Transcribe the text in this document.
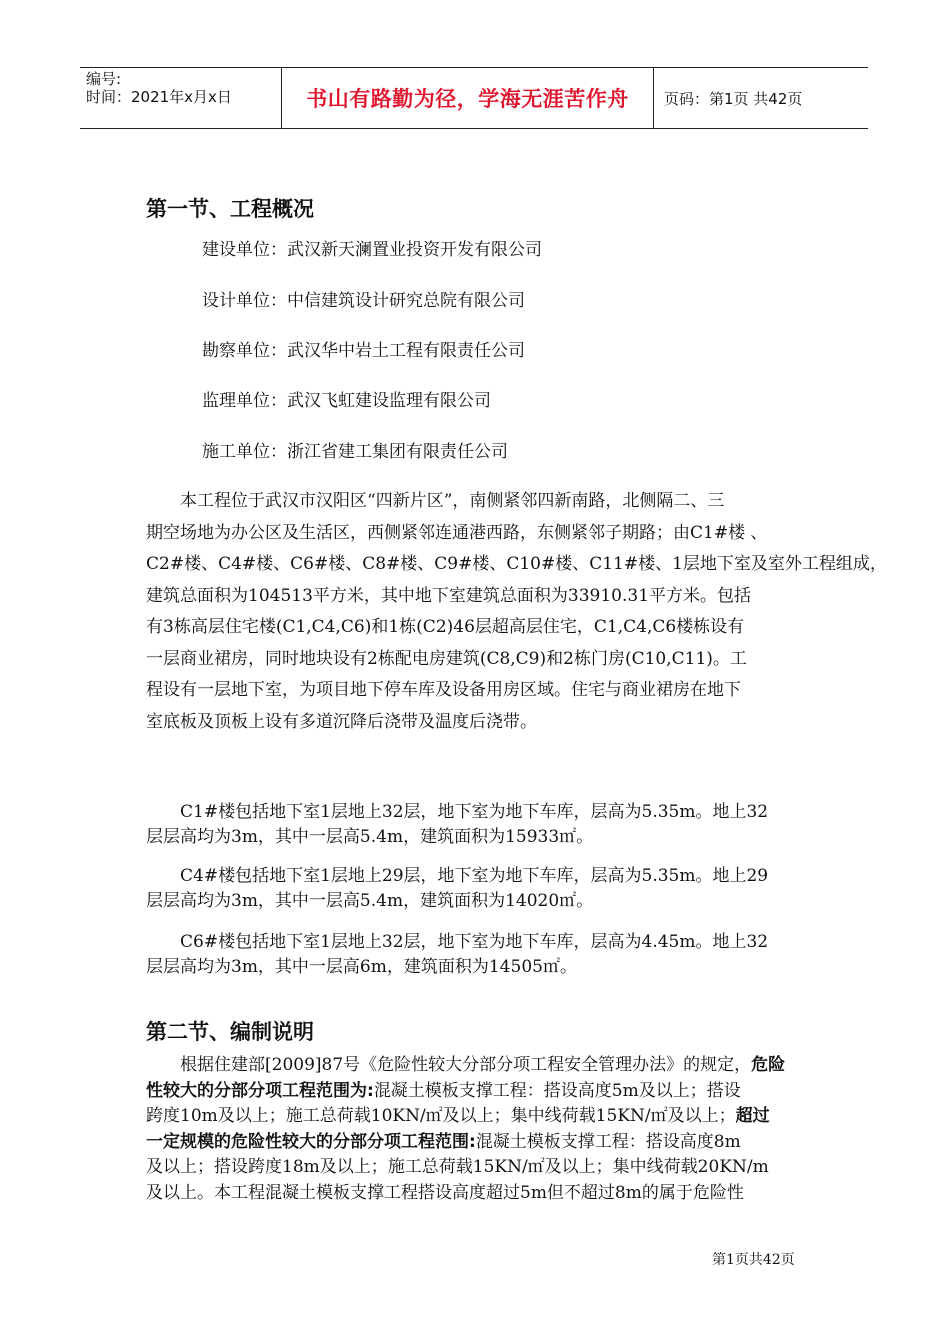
编号:
时间：2021年x月x日	书山有路勤为径，学海无涯苦作舟	页码：第1页 共42页
第一节、工程概况
建设单位：武汉新天澜置业投资开发有限公司
设计单位：中信建筑设计研究总院有限公司
勘察单位：武汉华中岩土工程有限责任公司
监理单位：武汉飞虹建设监理有限公司
施工单位：浙江省建工集团有限责任公司
本工程位于武汉市汉阳区“四新片区”，南侧紧邻四新南路，北侧隔二、三
期空场地为办公区及生活区，西侧紧邻连通港西路，东侧紧邻子期路；由C1#楼 、
C2#楼、C4#楼、C6#楼、C8#楼、C9#楼、C10#楼、C11#楼、1层地下室及室外工程组成，
建筑总面积为104513平方米，其中地下室建筑总面积为33910.31平方米。包括
有3栋高层住宅楼(C1,C4,C6)和1栋(C2)46层超高层住宅，C1,C4,C6楼栋设有
一层商业裙房，同时地块设有2栋配电房建筑(C8,C9)和2栋门房(C10,C11)。工
程设有一层地下室，为项目地下停车库及设备用房区域。住宅与商业裙房在地下
室底板及顶板上设有多道沉降后浇带及温度后浇带。
C1#楼包括地下室1层地上32层，地下室为地下车库，层高为5.35m。地上32
层层高均为3m，其中一层高5.4m，建筑面积为15933㎡。
C4#楼包括地下室1层地上29层，地下室为地下车库，层高为5.35m。地上29
层层高均为3m，其中一层高5.4m，建筑面积为14020㎡。
C6#楼包括地下室1层地上32层，地下室为地下车库，层高为4.45m。地上32
层层高均为3m，其中一层高6m，建筑面积为14505㎡。
第二节、编制说明
根据住建部[2009]87号《危险性较大分部分项工程安全管理办法》的规定，危险
性较大的分部分项工程范围为:混凝土模板支撑工程：搭设高度5m及以上；搭设
跨度10m及以上；施工总荷载10KN/㎡及以上；集中线荷载15KN/㎡及以上；超过
一定规模的危险性较大的分部分项工程范围:混凝土模板支撑工程：搭设高度8m
及以上；搭设跨度18m及以上；施工总荷载15KN/㎡及以上；集中线荷载20KN/m
及以上。本工程混凝土模板支撑工程搭设高度超过5m但不超过8m的属于危险性
第1页共42页
